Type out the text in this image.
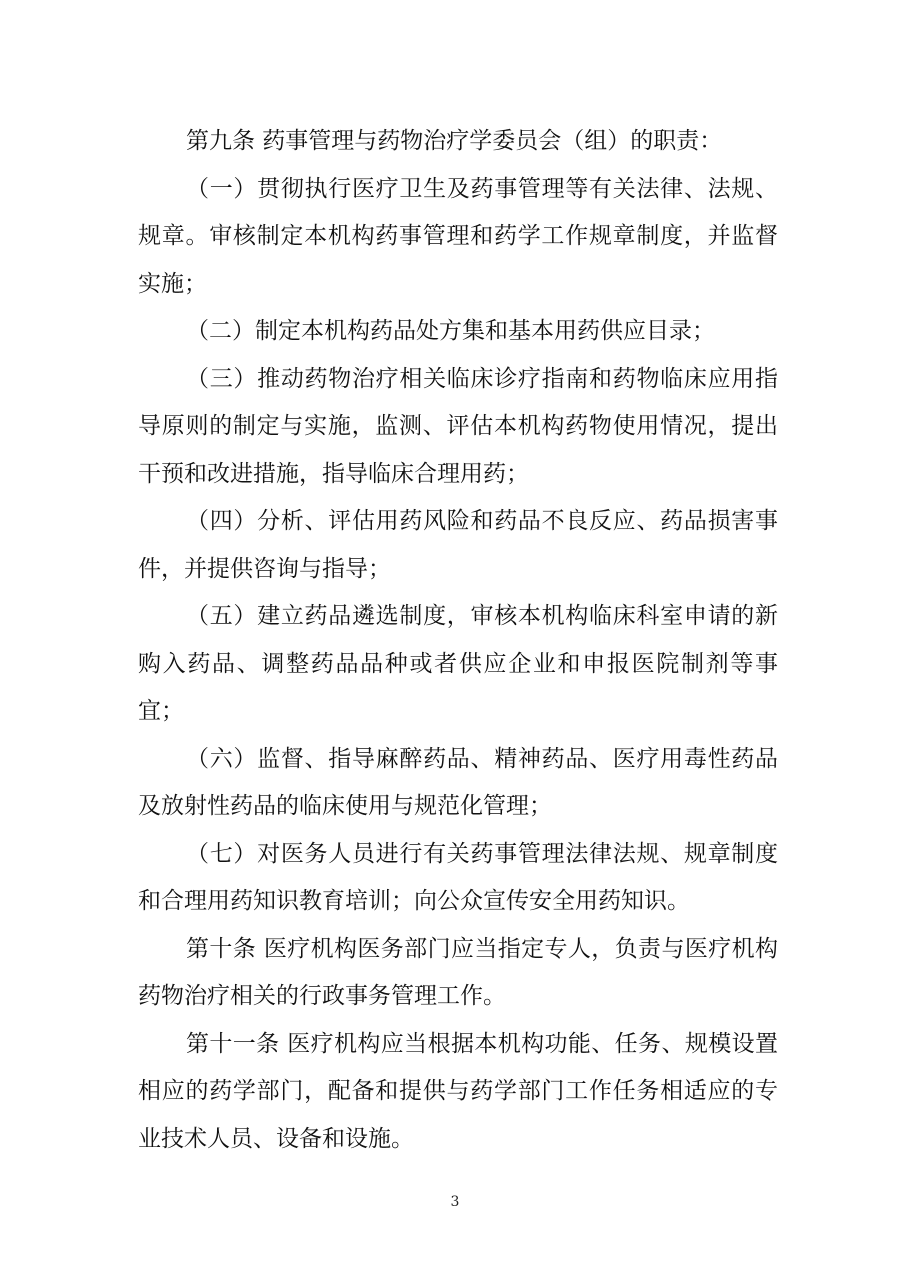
第九条 药事管理与药物治疗学委员会（组）的职责：

（一）贯彻执行医疗卫生及药事管理等有关法律、法规、规章。审核制定本机构药事管理和药学工作规章制度，并监督实施；

（二）制定本机构药品处方集和基本用药供应目录；

（三）推动药物治疗相关临床诊疗指南和药物临床应用指导原则的制定与实施，监测、评估本机构药物使用情况，提出干预和改进措施，指导临床合理用药；

（四）分析、评估用药风险和药品不良反应、药品损害事件，并提供咨询与指导；

（五）建立药品遴选制度，审核本机构临床科室申请的新购入药品、调整药品品种或者供应企业和申报医院制剂等事宜；

（六）监督、指导麻醉药品、精神药品、医疗用毒性药品及放射性药品的临床使用与规范化管理；

（七）对医务人员进行有关药事管理法律法规、规章制度和合理用药知识教育培训；向公众宣传安全用药知识。

第十条 医疗机构医务部门应当指定专人，负责与医疗机构药物治疗相关的行政事务管理工作。

第十一条 医疗机构应当根据本机构功能、任务、规模设置相应的药学部门，配备和提供与药学部门工作任务相适应的专业技术人员、设备和设施。

3
